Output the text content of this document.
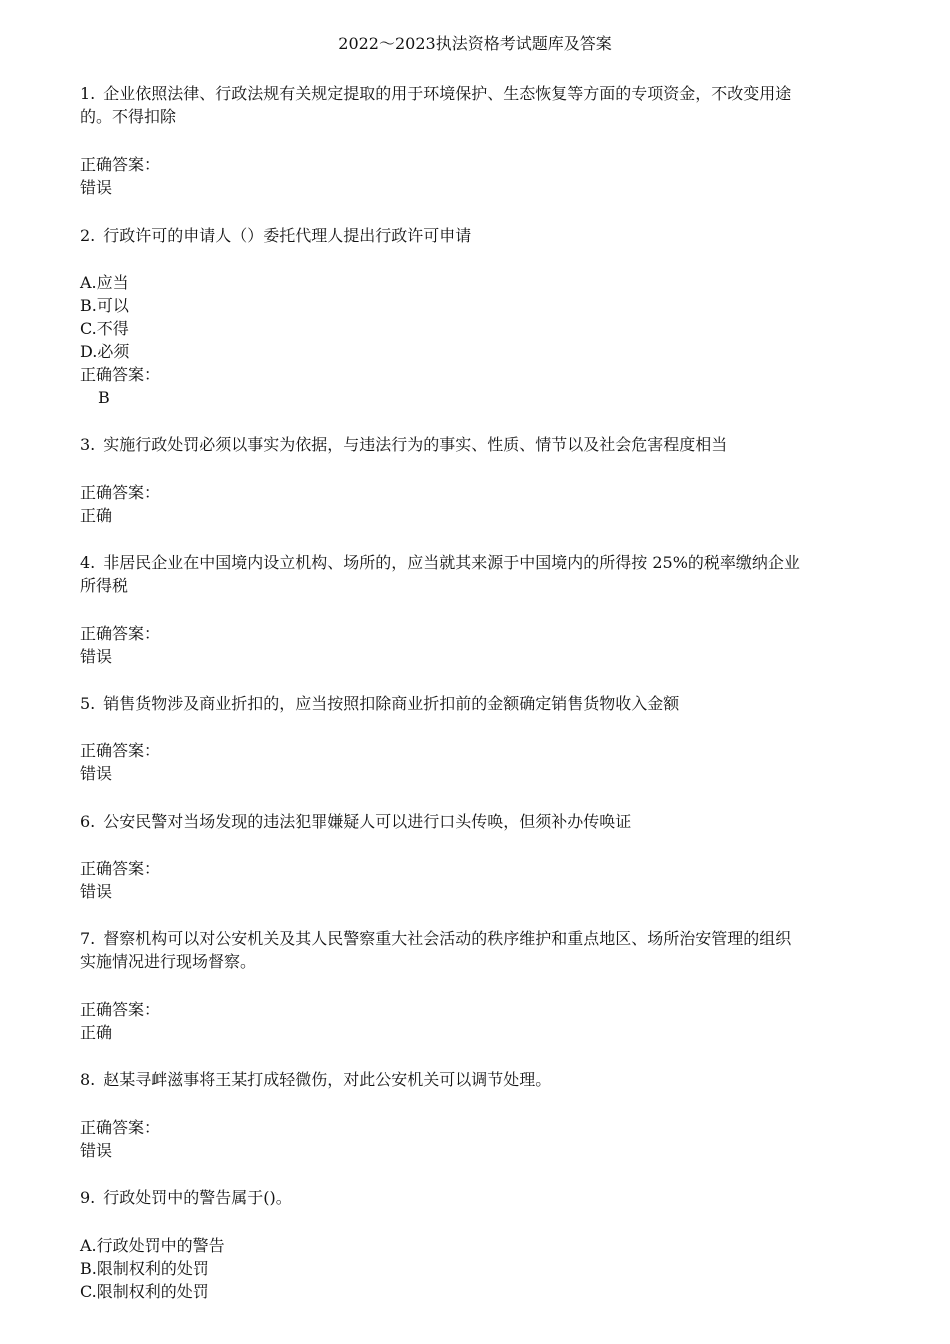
2022～2023执法资格考试题库及答案
1. 企业依照法律、行政法规有关规定提取的用于环境保护、生态恢复等方面的专项资金，不改变用途
的。不得扣除
正确答案：
错误
2. 行政许可的申请人（）委托代理人提出行政许可申请
A.应当
B.可以
C.不得
D.必须
正确答案：
B
3. 实施行政处罚必须以事实为依据，与违法行为的事实、性质、情节以及社会危害程度相当
正确答案：
正确
4. 非居民企业在中国境内设立机构、场所的，应当就其来源于中国境内的所得按 25%的税率缴纳企业
所得税
正确答案：
错误
5. 销售货物涉及商业折扣的，应当按照扣除商业折扣前的金额确定销售货物收入金额
正确答案：
错误
6. 公安民警对当场发现的违法犯罪嫌疑人可以进行口头传唤，但须补办传唤证
正确答案：
错误
7. 督察机构可以对公安机关及其人民警察重大社会活动的秩序维护和重点地区、场所治安管理的组织
实施情况进行现场督察。
正确答案：
正确
8. 赵某寻衅滋事将王某打成轻微伤，对此公安机关可以调节处理。
正确答案：
错误
9. 行政处罚中的警告属于()。
A.行政处罚中的警告
B.限制权利的处罚
C.限制权利的处罚
